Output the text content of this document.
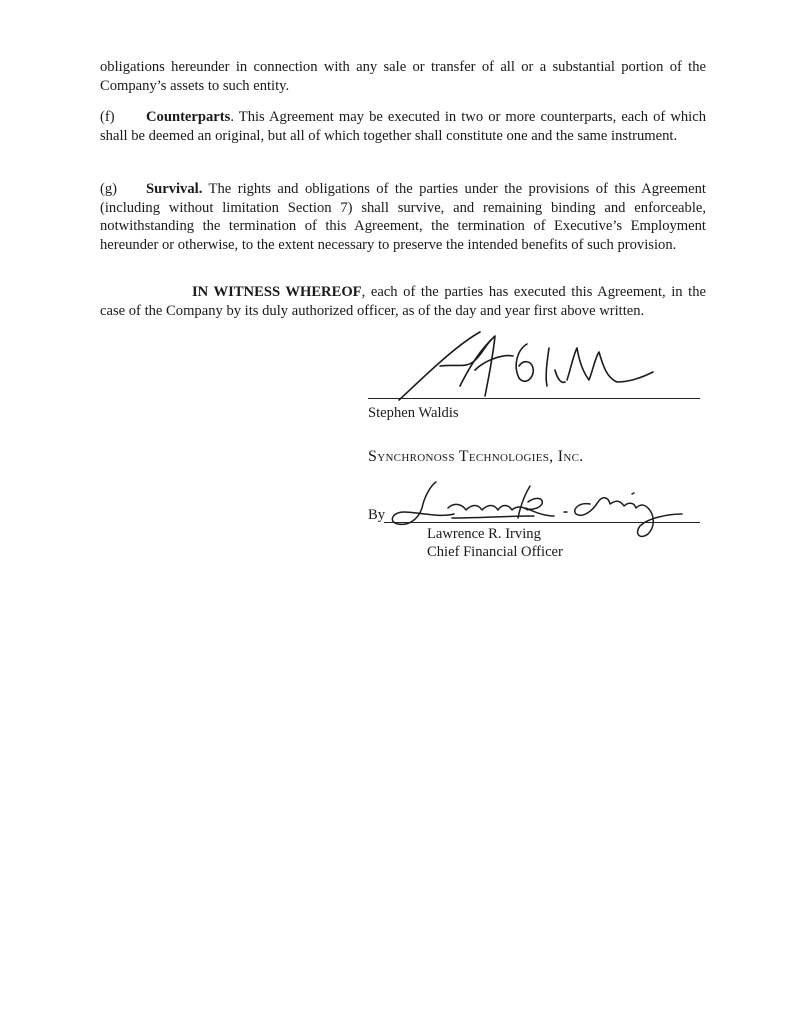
obligations hereunder in connection with any sale or transfer of all or a substantial portion of the Company’s assets to such entity.

(f) Counterparts. This Agreement may be executed in two or more counterparts, each of which shall be deemed an original, but all of which together shall constitute one and the same instrument.

(g) Survival. The rights and obligations of the parties under the provisions of this Agreement (including without limitation Section 7) shall survive, and remaining binding and enforceable, notwithstanding the termination of this Agreement, the termination of Executive’s Employment hereunder or otherwise, to the extent necessary to preserve the intended benefits of such provision.

IN WITNESS WHEREOF, each of the parties has executed this Agreement, in the case of the Company by its duly authorized officer, as of the day and year first above written.

Stephen Waldis
Synchronoss Technologies, Inc.
By
Lawrence R. Irving
Chief Financial Officer
